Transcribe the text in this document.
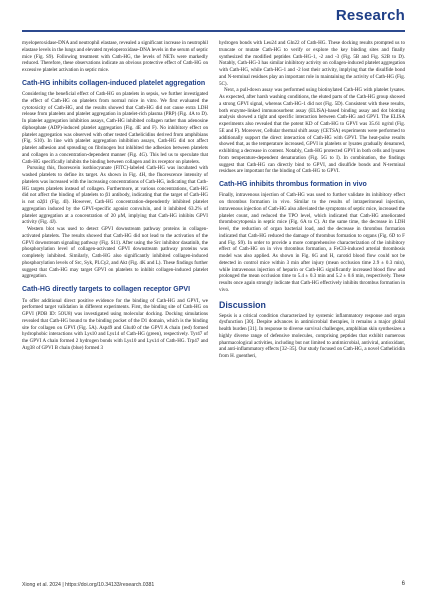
Research

myeloperoxidase-DNA and neutrophil elastase, revealed a significant increase in neutrophil elastase levels in the lungs and elevated myeloperoxidase-DNA levels in the serum of septic mice (Fig. S9). Following treatment with Cath-HG, the levels of NETs were markedly reduced. Therefore, these observations indicate an obvious protective effect of Cath-HG on excessive platelet activation in septic mice.

Cath-HG inhibits collagen-induced platelet aggregation

Considering the beneficial effect of Cath-HG on platelets in sepsis, we further investigated the effect of Cath-HG on platelets from normal mice in vitro. We first evaluated the cytotoxicity of Cath-HG, and the results showed that Cath-HG did not cause extra LDH release from platelets and platelet aggregation in platelet-rich plasma (PRP) (Fig. 4A to D). In platelet aggregation inhibition assays, Cath-HG inhibited collagen rather than adenosine diphosphate (ADP)-induced platelet aggregation (Fig. 4E and F). No inhibitory effect on platelet aggregation was observed with other tested Cathelicidins derived from amphibians (Fig. S10). In line with platelet aggregation inhibition assays, Cath-HG did not affect platelet adhesion and spreading on fibrinogen but inhibited the adhesion between platelets and collagen in a concentration-dependent manner (Fig. 4G). This led us to speculate that Cath-HG specifically inhibits the binding between collagen and its receptor on platelets.

Pursuing this, fluorescein isothiocyanate (FITC)-labeled Cath-HG was incubated with washed platelets to define its target. As shown in Fig. 4H, the fluorescence intensity of platelets was increased with the increasing concentrations of Cath-HG, indicating that Cath-HG targets platelets instead of collagen. Furthermore, at various concentrations, Cath-HG did not affect the binding of platelets to β1 antibody, indicating that the target of Cath-HG is not α2β1 (Fig. 4I). However, Cath-HG concentration-dependently inhibited platelet aggregation induced by the GPVI-specific agonist convulxin, and it inhibited 63.2% of platelet aggregation at a concentration of 20 μM, implying that Cath-HG inhibits GPVI activity (Fig. 4J).

Western blot was used to detect GPVI downstream pathway proteins in collagen-activated platelets. The results showed that Cath-HG did not lead to the activation of the GPVI downstream signaling pathway (Fig. S11). After using the Src inhibitor dasatinib, the phosphorylation level of collagen-activated GPVI downstream pathway proteins was completely inhibited. Similarly, Cath-HG also significantly inhibited collagen-induced phosphorylation levels of Src, Syk, PLCγ2, and Akt (Fig. 4K and L). These findings further suggest that Cath-HG may target GPVI on platelets to inhibit collagen-induced platelet aggregation.

Cath-HG directly targets to collagen receptor GPVI

To offer additional direct positive evidence for the binding of Cath-HG and GPVI, we performed target validation in different experiments. First, the binding site of Cath-HG on GPVI (PDB ID: 5OU8) was investigated using molecular docking. Docking simulations revealed that Cath-HG bound to the binding pocket of the D1 domain, which is the binding site for collagen on GPVI (Fig. 5A). Asp49 and Glu40 of the GPVI A chain (red) formed hydrophobic interactions with Lys10 and Lys14 of Cath-HG (green), respectively. Tyr47 of the GPVI A chain formed 2 hydrogen bonds with Lys10 and Lys14 of Cath-HG. Trp47 and Arg38 of GPVI B chain (blue) formed 3

hydrogen bonds with Leu24 and Gln22 of Cath-HG. These docking results prompted us to truncate or mutate Cath-HG to verify or explore the key binding sites and finally synthesized the modified peptides Cath-HG-1, -2 and -3 (Fig. 5B and Fig. S2B to D). Notably, Cath-HG-3 has similar inhibitory activity on collagen-induced platelet aggregation with Cath-HG, while Cath-HG-1 and -2 lost their activity, implying that the disulfide bond and N-terminal residues play an important role in maintaining the activity of Cath-HG (Fig. 5C).

Next, a pull-down assay was performed using biotinylated Cath-HG with platelet lysates. As expected, after harsh washing conditions, the eluted parts of the Cath-HG group showed a strong GPVI signal, whereas Cath-HG-1 did not (Fig. 5D). Consistent with these results, both enzyme-linked immunosorbent assay (ELISA)-based binding assay and dot blotting analysis showed a tight and specific interaction between Cath-HG and GPVI. The ELISA experiments also revealed that the potent KD of Cath-HG to GPVI was 35.61 ng/ml (Fig. 5E and F). Moreover, Cellular thermal shift assay (CETSA) experiments were performed to additionally support the direct interaction of Cath-HG with GPVI. The heat-pulse results showed that, as the temperature increased, GPVI in platelets or lysates gradually denatured, exhibiting a decrease in content. Notably, Cath-HG protected GPVI in both cells and lysates from temperature-dependent denaturation (Fig. 5G to I). In combination, the findings suggest that Cath-HG can directly bind to GPVI, and disulfide bonds and N-terminal residues are important for the binding of Cath-HG to GPVI.

Cath-HG inhibits thrombus formation in vivo

Finally, intravenous injection of Cath-HG was used to further validate its inhibitory effect on thrombus formation in vivo. Similar to the results of intraperitoneal injection, intravenous injection of Cath-HG also alleviated the symptoms of septic mice, increased the platelet count, and reduced the TPO level, which indicated that Cath-HG ameliorated thrombocytopenia in septic mice (Fig. 6A to C). At the same time, the decrease in LDH level, the reduction of organ bacterial load, and the decrease in thrombus formation indicated that Cath-HG reduced the damage of thrombus formation to organs (Fig. 6D to F and Fig. S9). In order to provide a more comprehensive characterization of the inhibitory effect of Cath-HG on in vivo thrombus formation, a FeCl3-induced arterial thrombosis model was also applied. As shown in Fig. 6G and H, carotid blood flow could not be detected in control mice within 3 min after injury (mean occlusion time 2.9 ± 0.3 min), while intravenous injection of heparin or Cath-HG significantly increased blood flow and prolonged the mean occlusion time to 5.4 ± 0.3 min and 5.2 ± 0.6 min, respectively. These results once again strongly indicate that Cath-HG effectively inhibits thrombus formation in vivo.

Discussion

Sepsis is a critical condition characterized by systemic inflammatory response and organ dysfunction [30]. Despite advances in antimicrobial therapies, it remains a major global health burden [31]. In response to diverse survival challenges, amphibian skin synthesizes a highly diverse range of defensive molecules, comprising peptides that exhibit numerous pharmacological activities, including but not limited to antimicrobial, antiviral, antioxidant, and anti-inflammatory effects [32–35]. Our study focused on Cath-HG, a novel Cathelicidin from H. guentheri,

Xiong et al. 2024 | https://doi.org/10.34133/research.0381	6
